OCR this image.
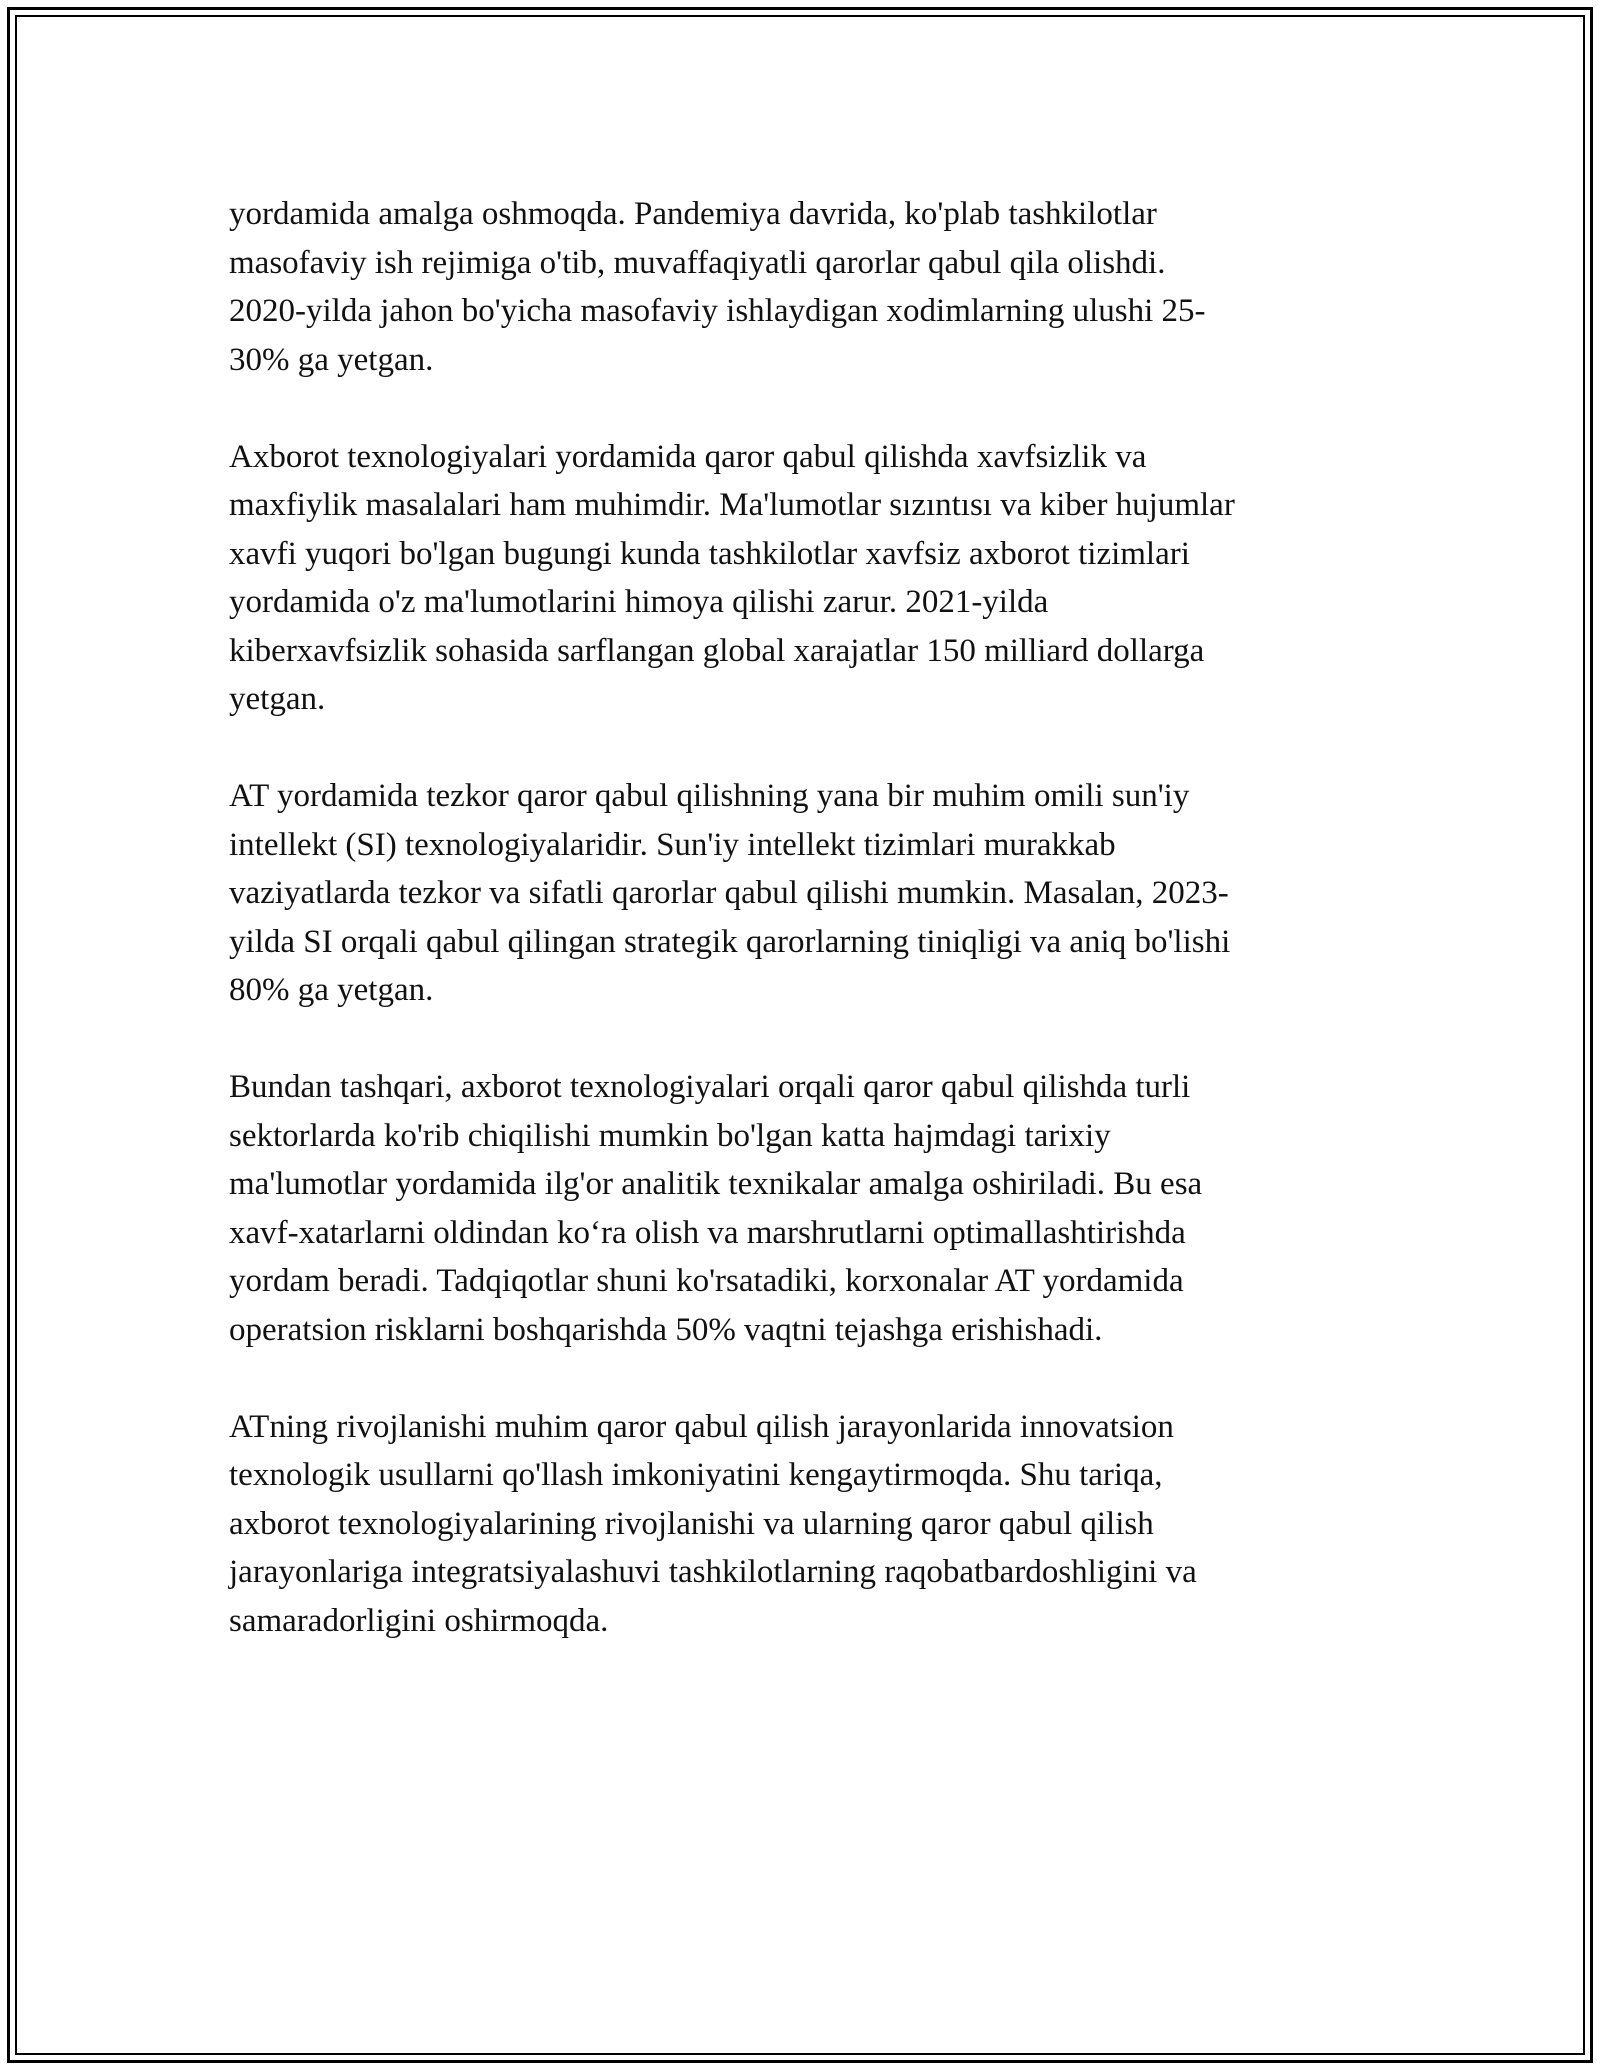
yordamida amalga oshmoqda. Pandemiya davrida, ko'plab tashkilotlar
masofaviy ish rejimiga o'tib, muvaffaqiyatli qarorlar qabul qila olishdi.
2020-yilda jahon bo'yicha masofaviy ishlaydigan xodimlarning ulushi 25-
30% ga yetgan.

Axborot texnologiyalari yordamida qaror qabul qilishda xavfsizlik va
maxfiylik masalalari ham muhimdir. Ma'lumotlar sızıntısı va kiber hujumlar
xavfi yuqori bo'lgan bugungi kunda tashkilotlar xavfsiz axborot tizimlari
yordamida o'z ma'lumotlarini himoya qilishi zarur. 2021-yilda
kiberxavfsizlik sohasida sarflangan global xarajatlar 150 milliard dollarga
yetgan.

AT yordamida tezkor qaror qabul qilishning yana bir muhim omili sun'iy
intellekt (SI) texnologiyalaridir. Sun'iy intellekt tizimlari murakkab
vaziyatlarda tezkor va sifatli qarorlar qabul qilishi mumkin. Masalan, 2023-
yilda SI orqali qabul qilingan strategik qarorlarning tiniqligi va aniq bo'lishi
80% ga yetgan.

Bundan tashqari, axborot texnologiyalari orqali qaror qabul qilishda turli
sektorlarda ko'rib chiqilishi mumkin bo'lgan katta hajmdagi tarixiy
ma'lumotlar yordamida ilg'or analitik texnikalar amalga oshiriladi. Bu esa
xavf-xatarlarni oldindan ko‘ra olish va marshrutlarni optimallashtirishda
yordam beradi. Tadqiqotlar shuni ko'rsatadiki, korxonalar AT yordamida
operatsion risklarni boshqarishda 50% vaqtni tejashga erishishadi.

ATning rivojlanishi muhim qaror qabul qilish jarayonlarida innovatsion
texnologik usullarni qo'llash imkoniyatini kengaytirmoqda. Shu tariqa,
axborot texnologiyalarining rivojlanishi va ularning qaror qabul qilish
jarayonlariga integratsiyalashuvi tashkilotlarning raqobatbardoshligini va
samaradorligini oshirmoqda.
